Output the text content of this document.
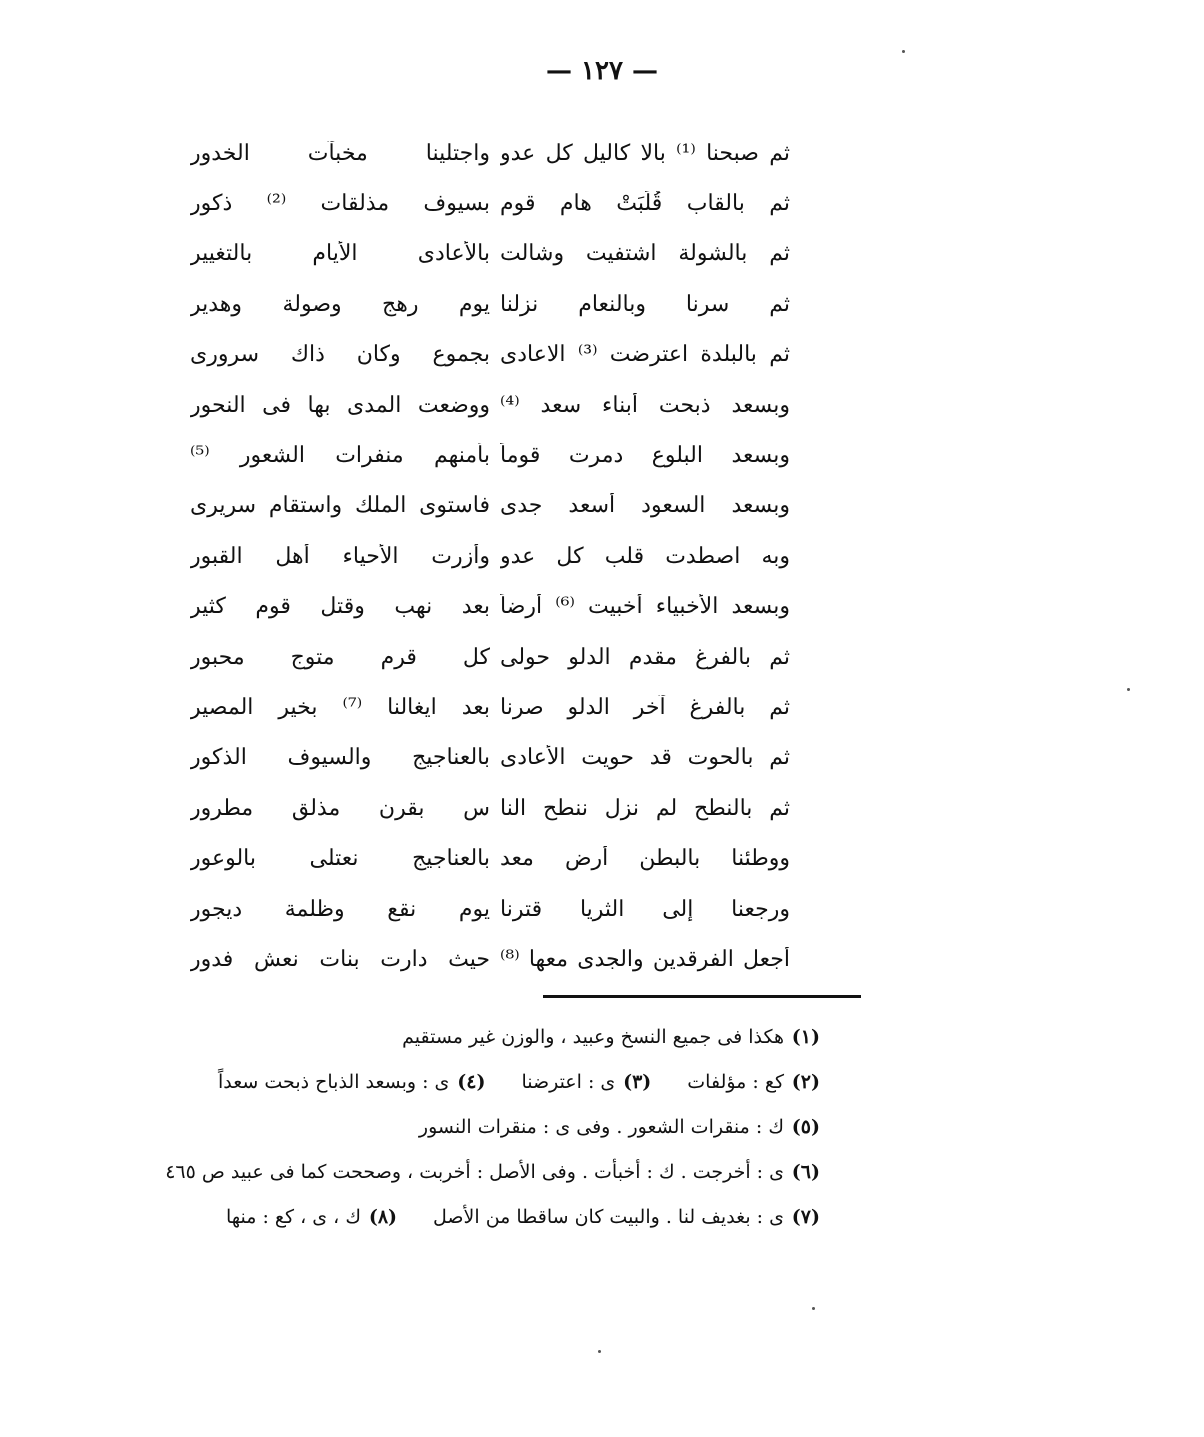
— ١٢٧ —
ثم صبحنا ⁽¹⁾ بالا كاليل كل عدو
واجتلينا مخبآت الخدور
ثم بالقاب قُلِّبَتْ هام قوم
بسيوف مذلقات ⁽²⁾ ذكور
ثم بالشولة اشتفيت وشالت
بالأعادى الأيام بالتغيير
ثم سرنا وبالنعام نزلنا
يوم رهج وصولة وهدير
ثم بالبلدة اعترضت ⁽³⁾ الاعادى
بجموع وكان ذاك سرورى
وبسعد ذبحت أبناء سعد ⁽⁴⁾
ووضعت المدى بها فى النحور
وبسعد البلوع دمرت قوماً
بأمنهم منفرات الشعور ⁽⁵⁾
وبسعد السعود أسعد جدى
فاستوى الملك واستقام سريرى
وبه اصطدت قلب كل عدو
وأزرت الأحياء أهل القبور
وبسعد الأخبياء أخبيت ⁽⁶⁾ أرضاً
بعد نهب وقتل قوم كثير
ثم بالفرغ مقدم الدلو حولى
كل قرم متوج محبور
ثم بالفرغ آخر الدلو صرنا
بعد ايغالنا ⁽⁷⁾ بخير المصير
ثم بالحوت قد حويت الأعادى
بالعناجيج والسيوف الذكور
ثم بالنطح لم نزل ننطح النا
س بقرن مذلق مطرور
ووطئنا بالبطن أرض معد
بالعناجيج نعتلى بالوعور
ورجعنا إلى الثريا قترنا
يوم نقع وظلمة ديجور
أجعل الفرقدين والجدى معها ⁽⁸⁾
حيث دارت بنات نعش فدور
(١)
هكذا فى جميع النسخ وعبيد ، والوزن غير مستقيم
(٢)
كع : مؤلفات
(٣)
ى : اعترضنا
(٤)
ى : وبسعد الذباح ذبحت سعداً
(٥)
ك : منقرات الشعور . وفى ى : منقرات النسور
(٦)
ى : أخرجت . ك : أخبأت . وفى الأصل : أخربت ، وصححت كما فى عبيد ص ٤٦٥
(٧)
ى : بغديف لنا . والبيت كان ساقطا من الأصل
(٨)
ك ، ى ، كع : منها
